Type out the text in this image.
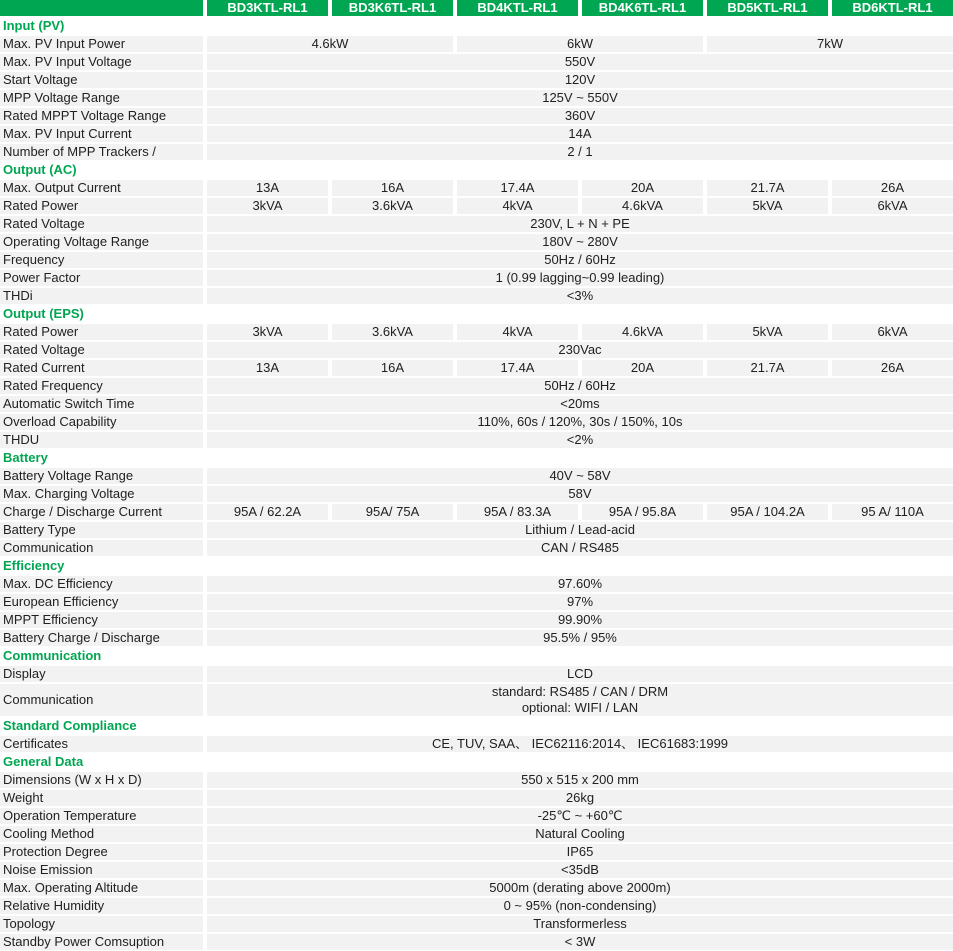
	BD3KTL-RL1	BD3K6TL-RL1	BD4KTL-RL1	BD4K6TL-RL1	BD5KTL-RL1	BD6KTL-RL1
Input (PV)						
Max. PV Input Power	4.6kW		6kW		7kW	
Max. PV Input Voltage	550V					
Start Voltage	120V					
MPP Voltage Range	125V ~ 550V					
Rated MPPT Voltage Range	360V					
Max. PV Input Current	14A					
Number of MPP Trackers /	2 / 1					
Output (AC)						
Max. Output Current	13A	16A	17.4A	20A	21.7A	26A
Rated Power	3kVA	3.6kVA	4kVA	4.6kVA	5kVA	6kVA
Rated Voltage	230V, L + N + PE					
Operating Voltage Range	180V ~ 280V					
Frequency	50Hz / 60Hz					
Power Factor	1 (0.99 lagging~0.99 leading)					
THDi	<3%					
Output (EPS)						
Rated Power	3kVA	3.6kVA	4kVA	4.6kVA	5kVA	6kVA
Rated Voltage	230Vac					
Rated Current	13A	16A	17.4A	20A	21.7A	26A
Rated Frequency	50Hz / 60Hz					
Automatic Switch Time	<20ms					
Overload Capability	110%, 60s / 120%, 30s / 150%, 10s					
THDU	<2%					
Battery						
Battery Voltage Range	40V ~ 58V					
Max. Charging Voltage	58V					
Charge / Discharge Current	95A / 62.2A	95A/ 75A	95A / 83.3A	95A / 95.8A	95A / 104.2A	95 A/ 110A
Battery Type	Lithium / Lead-acid					
Communication	CAN / RS485					
Efficiency						
Max. DC Efficiency	97.60%					
European Efficiency	97%					
MPPT Efficiency	99.90%					
Battery Charge / Discharge	95.5% / 95%					
Communication						
Display	LCD					
Communication	standard: RS485 / CAN / DRM
optional: WIFI / LAN					

Standard Compliance						
Certificates	CE, TUV, SAA、 IEC62116:2014、 IEC61683:1999					
General Data						
Dimensions (W x H x D)	550 x 515 x 200 mm					
Weight	26kg					
Operation Temperature	-25℃ ~ +60℃					
Cooling Method	Natural Cooling					
Protection Degree	IP65					
Noise Emission	<35dB					
Max. Operating Altitude	5000m (derating above 2000m)					
Relative Humidity	0 ~ 95% (non-condensing)					
Topology	Transformerless					
Standby Power Comsuption	< 3W					
